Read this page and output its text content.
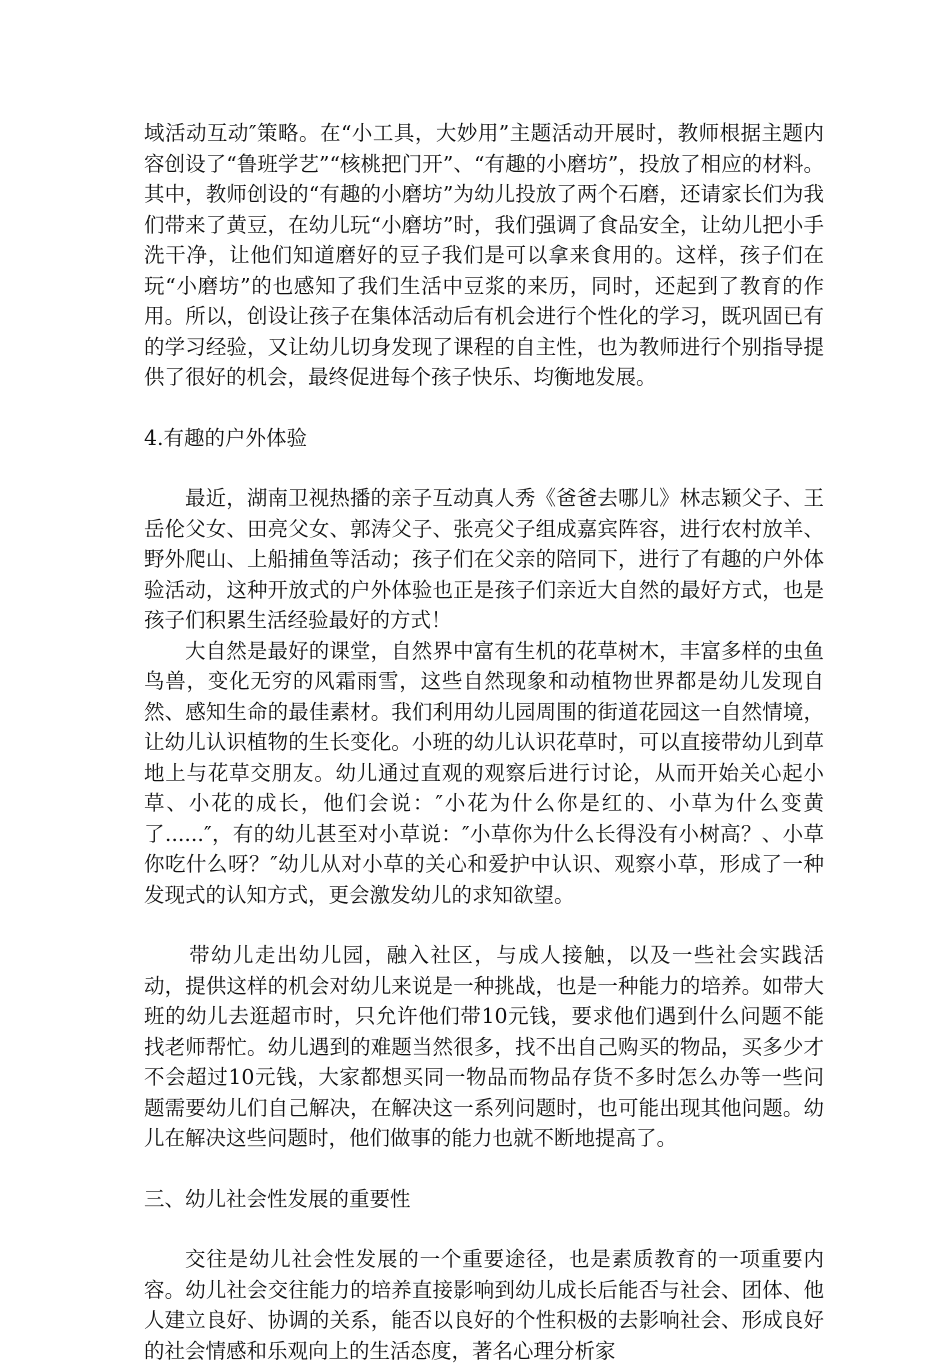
域活动互动″策略。在“小工具，大妙用”主题活动开展时，教师根据主题内容创设了“鲁班学艺”“核桃把门开”、“有趣的小磨坊”，投放了相应的材料。其中，教师创设的“有趣的小磨坊”为幼儿投放了两个石磨，还请家长们为我们带来了黄豆，在幼儿玩“小磨坊”时，我们强调了食品安全，让幼儿把小手洗干净，让他们知道磨好的豆子我们是可以拿来食用的。这样，孩子们在玩“小磨坊”的也感知了我们生活中豆浆的来历，同时，还起到了教育的作用。所以，创设让孩子在集体活动后有机会进行个性化的学习，既巩固已有的学习经验，又让幼儿切身发现了课程的自主性，也为教师进行个别指导提供了很好的机会，最终促进每个孩子快乐、均衡地发展。

4.有趣的户外体验

最近，湖南卫视热播的亲子互动真人秀《爸爸去哪儿》林志颖父子、王岳伦父女、田亮父女、郭涛父子、张亮父子组成嘉宾阵容，进行农村放羊、野外爬山、上船捕鱼等活动；孩子们在父亲的陪同下，进行了有趣的户外体验活动，这种开放式的户外体验也正是孩子们亲近大自然的最好方式，也是孩子们积累生活经验最好的方式！

大自然是最好的课堂，自然界中富有生机的花草树木，丰富多样的虫鱼鸟兽，变化无穷的风霜雨雪，这些自然现象和动植物世界都是幼儿发现自然、感知生命的最佳素材。我们利用幼儿园周围的街道花园这一自然情境，让幼儿认识植物的生长变化。小班的幼儿认识花草时，可以直接带幼儿到草地上与花草交朋友。幼儿通过直观的观察后进行讨论，从而开始关心起小草、小花的成长，他们会说：″小花为什么你是红的、小草为什么变黄了......″，有的幼儿甚至对小草说：″小草你为什么长得没有小树高？、小草你吃什么呀？″幼儿从对小草的关心和爱护中认识、观察小草，形成了一种发现式的认知方式，更会激发幼儿的求知欲望。

带幼儿走出幼儿园，融入社区，与成人接触，以及一些社会实践活动，提供这样的机会对幼儿来说是一种挑战，也是一种能力的培养。如带大班的幼儿去逛超市时，只允许他们带10元钱，要求他们遇到什么问题不能找老师帮忙。幼儿遇到的难题当然很多，找不出自己购买的物品，买多少才不会超过10元钱，大家都想买同一物品而物品存货不多时怎么办等一些问题需要幼儿们自己解决，在解决这一系列问题时，也可能出现其他问题。幼儿在解决这些问题时，他们做事的能力也就不断地提高了。

三、幼儿社会性发展的重要性

交往是幼儿社会性发展的一个重要途径，也是素质教育的一项重要内容。幼儿社会交往能力的培养直接影响到幼儿成长后能否与社会、团体、他人建立良好、协调的关系，能否以良好的个性积极的去影响社会、形成良好的社会情感和乐观向上的生活态度，著名心理分析家
